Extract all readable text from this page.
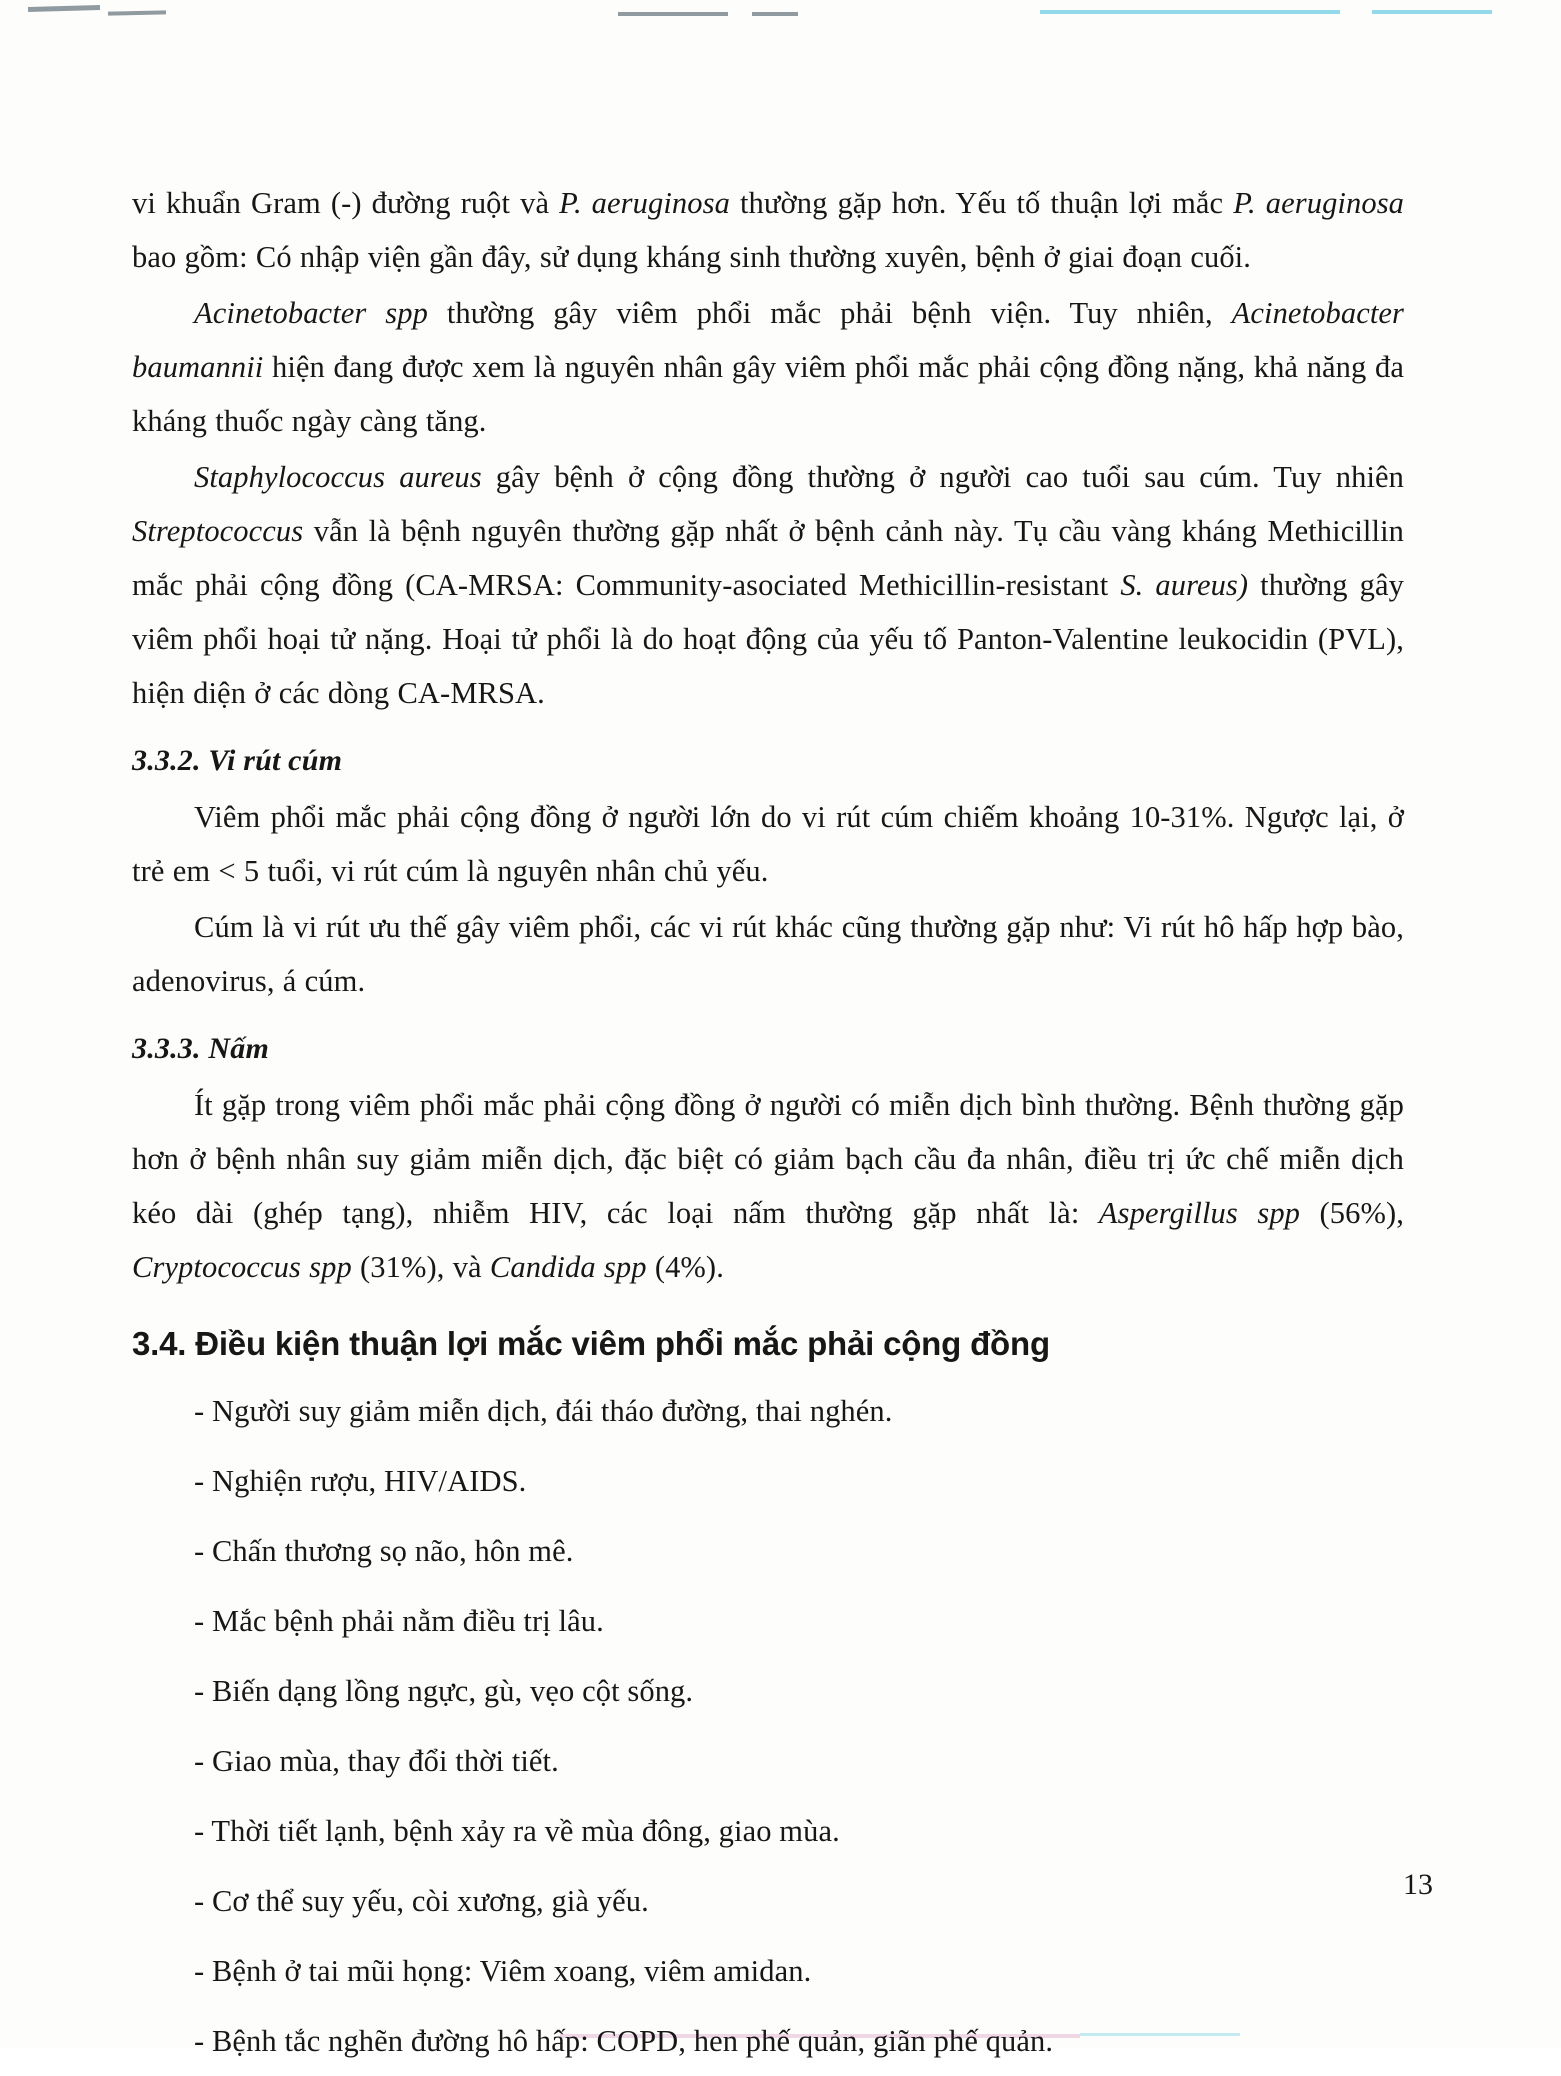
vi khuẩn Gram (-) đường ruột và P. aeruginosa thường gặp hơn. Yếu tố thuận lợi mắc P. aeruginosa bao gồm: Có nhập viện gần đây, sử dụng kháng sinh thường xuyên, bệnh ở giai đoạn cuối.

Acinetobacter spp thường gây viêm phổi mắc phải bệnh viện. Tuy nhiên, Acinetobacter baumannii hiện đang được xem là nguyên nhân gây viêm phổi mắc phải cộng đồng nặng, khả năng đa kháng thuốc ngày càng tăng.

Staphylococcus aureus gây bệnh ở cộng đồng thường ở người cao tuổi sau cúm. Tuy nhiên Streptococcus vẫn là bệnh nguyên thường gặp nhất ở bệnh cảnh này. Tụ cầu vàng kháng Methicillin mắc phải cộng đồng (CA-MRSA: Community-asociated Methicillin-resistant S. aureus) thường gây viêm phổi hoại tử nặng. Hoại tử phổi là do hoạt động của yếu tố Panton-Valentine leukocidin (PVL), hiện diện ở các dòng CA-MRSA.

3.3.2. Vi rút cúm

Viêm phổi mắc phải cộng đồng ở người lớn do vi rút cúm chiếm khoảng 10-31%. Ngược lại, ở trẻ em < 5 tuổi, vi rút cúm là nguyên nhân chủ yếu.

Cúm là vi rút ưu thế gây viêm phổi, các vi rút khác cũng thường gặp như: Vi rút hô hấp hợp bào, adenovirus, á cúm.

3.3.3. Nấm

Ít gặp trong viêm phổi mắc phải cộng đồng ở người có miễn dịch bình thường. Bệnh thường gặp hơn ở bệnh nhân suy giảm miễn dịch, đặc biệt có giảm bạch cầu đa nhân, điều trị ức chế miễn dịch kéo dài (ghép tạng), nhiễm HIV, các loại nấm thường gặp nhất là: Aspergillus spp (56%), Cryptococcus spp (31%), và Candida spp (4%).

3.4. Điều kiện thuận lợi mắc viêm phổi mắc phải cộng đồng
- Người suy giảm miễn dịch, đái tháo đường, thai nghén.
- Nghiện rượu, HIV/AIDS.
- Chấn thương sọ não, hôn mê.
- Mắc bệnh phải nằm điều trị lâu.
- Biến dạng lồng ngực, gù, vẹo cột sống.
- Giao mùa, thay đổi thời tiết.
- Thời tiết lạnh, bệnh xảy ra về mùa đông, giao mùa.
- Cơ thể suy yếu, còi xương, già yếu.
- Bệnh ở tai mũi họng: Viêm xoang, viêm amidan.
- Bệnh tắc nghẽn đường hô hấp: COPD, hen phế quản, giãn phế quản.
13
